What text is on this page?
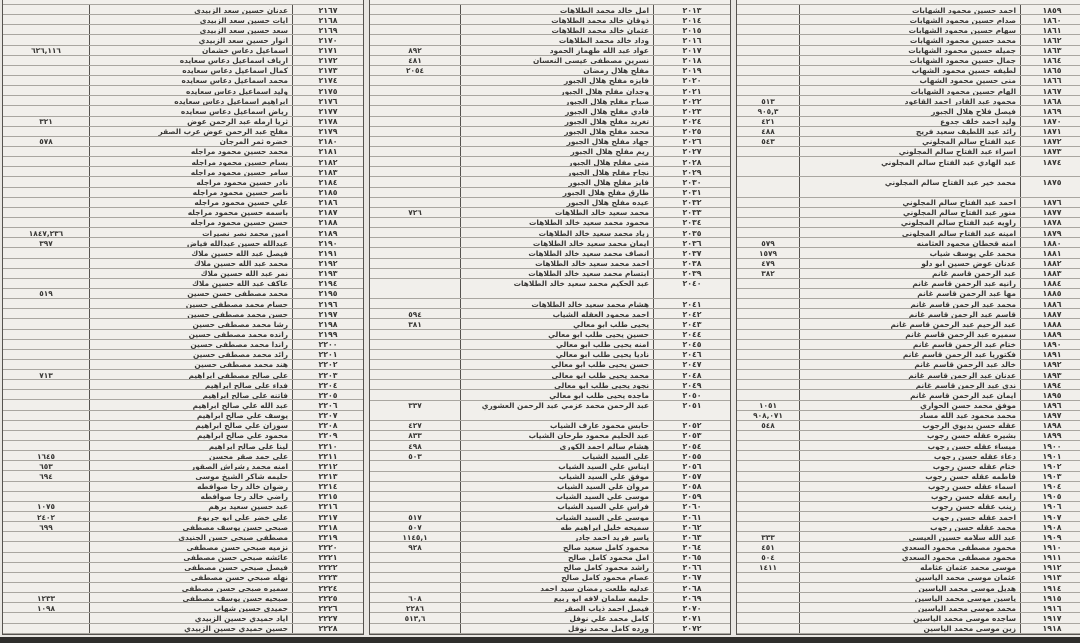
عدنان حسين سعد الزبيدي	٢١٦٧
ايات حسين سعد الزبيدي	٢١٦٨
سعد حسين سعد الزبيدي	٢١٦٩
انوار حسين سعد الزبيدي	٢١٧٠
٦٢٦,١١٦	اسماعيل دعاس خشمان	٢١٧١
ارياف اسماعيل دعاس سعايده	٢١٧٢
كمال اسماعيل دعاس سعايده	٢١٧٣
محمد اسماعيل دعاس سعايده	٢١٧٤
وليد اسماعيل دعاس سعايده	٢١٧٥
ابراهيم اسماعيل دعاس سعايده	٢١٧٦
رياض اسماعيل دعاس سعايده	٢١٧٧
٣٢١	ثريا ارمله عبد الرحمن عوض	٢١٧٨
مفلح عبد الرحمن عوض عرب الصقر	٢١٧٩
٥٧٨	خضره ثمر المرجان	٢١٨٠
محمد حسين محمود مراجله	٢١٨١
بسام حسين محمود مراجله	٢١٨٢
سامر حسين محمود مراجله	٢١٨٣
نادر حسين محمود مراجله	٢١٨٤
ناصر حسين محمود مراجله	٢١٨٥
علي حسين محمود مراجله	٢١٨٦
باسمه حسين محمود مراجله	٢١٨٧
حسن حسين محمود مراجله	٢١٨٨
١٨٤٧,٢٣٦	امين محمد نصر نصيرات	٢١٨٩
٣٩٧	عبدالله حسين عبدالله فياض	٢١٩٠
فيصل عبد الله حسين ملاك	٢١٩١
محمد عبد الله حسين ملاك	٢١٩٢
نمر عبد الله حسين ملاك	٢١٩٣
عاكف عبد الله حسين ملاك	٢١٩٤
٥١٩	محمد مصطفى حسن حسين	٢١٩٥
حسام محمد مصطفى حسين	٢١٩٦
حسن محمد مصطفى حسين	٢١٩٧
رشا محمد مصطفى حسين	٢١٩٨
رانده محمد مصطفى حسين	٢١٩٩
راندا محمد مصطفى حسين	٢٢٠٠
رائد محمد مصطفى حسين	٢٢٠١
هند محمد مصطفى حسين	٢٢٠٢
٧١٣	علي صالح مصطفى ابراهيم	٢٢٠٣
فداء علي صالح ابراهيم	٢٢٠٤
فاتنه علي صالح ابراهيم	٢٢٠٥
عبد الله علي صالح ابراهيم	٢٢٠٦
يوسف علي صالح ابراهيم	٢٢٠٧
سوزان علي صالح ابراهيم	٢٢٠٨
محمود علي صالح ابراهيم	٢٢٠٩
لينا علي صالح ابراهيم	٢٢١٠
١٦٤٥	علي حمد صقر محسن	٢٢١١
٦٥٣	امنه محمد رشراش الصقور	٢٢١٢
٦٩٤	حليمه شاكر الشيخ موسى	٢٢١٣
رضوان خالد رجا صوافطه	٢٢١٤
راضي خالد رجا صوافطه	٢٢١٥
١٠٧٥	عبد حسين سعيد برهم	٢٢١٦
٢٤٠٢	علي خضر علي ابو جربوع	٢٢١٧
٦٩٩	صبحي حسن يوسف مصطفى	٢٢١٨
مصطفى صبحي حسن الجنيدي	٢٢١٩
نزميه صبحي حسن مصطفى	٢٢٢٠
عائشه صبحي حسن مصطفى	٢٢٢١
فيصل صبحي حسن مصطفى	٢٢٢٢
نهله صبحي حسن مصطفى	٢٢٢٣
سميره صبحي حسن مصطفى	٢٢٢٤
١٢٣٣	صبحيه حسن يوسف مصطفى	٢٢٢٥
١٠٩٨	حميدي حسين شهاب	٢٢٢٦
اياد حميدي حسين الزبيدي	٢٢٢٧
حسين حميدي حسين الزبيدي	٢٢٢٨
امل خالد محمد الطلاهات	٢٠١٣
ذوقان خالد محمد الطلاهات	٢٠١٤
عثمان خالد محمد الطلاهات	٢٠١٥
وداد خالد محمد الطلاهات	٢٠١٦
٨٩٢	عواد عبد الله طهماز الحمود	٢٠١٧
٤٨١	نسرين مصطفى عيسى النعسان	٢٠١٨
٢٠٥٤	مفلح هلال رمضان	٢٠١٩
فايزه مفلح هلال الجبور	٢٠٢٠
وجدان مفلح هلال الجبور	٢٠٢١
صباح مفلح هلال الجبور	٢٠٢٢
فادي مفلح هلال الجبور	٢٠٢٣
تغريد مفلح هلال الجبور	٢٠٢٤
محمد مفلح هلال الجبور	٢٠٢٥
جهاد مفلح هلال الجبور	٢٠٢٦
ريم مفلح هلال الجبور	٢٠٢٧
منى مفلح هلال الجبور	٢٠٢٨
نجاح مفلح هلال الجبور	٢٠٢٩
فايز مفلح هلال الجبور	٢٠٣٠
طارق مفلح هلال الجبور	٢٠٣١
عيده مفلح هلال الجبور	٢٠٣٢
٧٢٦	محمد سعيد خالد الطلاهات	٢٠٣٣
محمود محمد سعيد خالد الطلاهات	٢٠٣٤
زياد محمد سعيد خالد الطلاهات	٢٠٣٥
ايمان محمد سعيد خالد الطلاهات	٢٠٣٦
انصاف محمد سعيد خالد الطلاهات	٢٠٣٧
احمد محمد سعيد خالد الطلاهات	٢٠٣٨
ابتسام محمد سعيد خالد الطلاهات	٢٠٣٩
عبد الحكيم محمد سعيد خالد الطلاهات	٢٠٤٠
هشام محمد سعيد خالد الطلاهات	٢٠٤١
٥٩٤	احمد محمود العقله الشياب	٢٠٤٢
٣٨١	يحيى طلب ابو معالي	٢٠٤٣
حسين يحيى طلب ابو معالي	٢٠٤٤
امنه يحيى طلب ابو معالي	٢٠٤٥
ناديا يحيى طلب ابو معالي	٢٠٤٦
حسن يحيى طلب ابو معالي	٢٠٤٧
محمد يحيى طلب ابو معالي	٢٠٤٨
نجود يحيى طلب ابو معالي	٢٠٤٩
ماجده يحيى طلب ابو معالي	٢٠٥٠
٣٣٧	عبد الرحمن محمد عزمي عبد الرحمن العشوري	٢٠٥١
٤٢٧	حابس محمود عارف الشياب	٢٠٥٢
٨٣٣	عبد الحليم محمود طرحان الشياب	٢٠٥٣
٤٩٨	هشام سالم احمد الكوري	٢٠٥٤
٥٠٣	علي السيد الشياب	٢٠٥٥
ايناس علي السيد الشياب	٢٠٥٦
موفق علي السيد الشياب	٢٠٥٧
مروان علي السيد الشياب	٢٠٥٨
موسى علي السيد الشياب	٢٠٥٩
فراس علي السيد الشياب	٢٠٦٠
٥١٧	موسى علي السيد الشياب	٢٠٦١
٥٠٧	سميحه خليل ابراهيم طه	٢٠٦٢
١١٤٥,١	ياسر فريد احمد جادر	٢٠٦٣
٩٢٨	محمود كامل سعيد صالح	٢٠٦٤
امل محمود كامل صالح	٢٠٦٥
راشد محمود كامل صالح	٢٠٦٦
عصام محمود كامل صالح	٢٠٦٧
عدليه طلعت رمضان سيد احمد	٢٠٦٨
٦٠٨	حليمه سلمان لافه ابو ربيع	٢٠٦٩
٢٢٨٦	فيصل احمد ذياب الصقر	٢٠٧٠
٥١٣,٦	كامل محمد علي نوفل	٢٠٧١
ورده كامل محمد نوفل	٢٠٧٢
احمد حسين محمود الشهابات	١٨٥٩
صدام حسين محمود الشهابات	١٨٦٠
سهام حسين محمود الشهابات	١٨٦١
محمد حسين محمود الشهابات	١٨٦٢
جميله حسين محمود الشهابات	١٨٦٣
جمال حسين محمود الشهابات	١٨٦٤
لطيفه حسين محمود الشهاب	١٨٦٥
منى حسين محمود الشهاب	١٨٦٦
الهام حسين محمود الشهابات	١٨٦٧
٥١٣	محمود عبد القادر احمد القاعود	١٨٦٨
٩٠٥,٣	فيصل فلاح هلال الجبور	١٨٦٩
٤٢١	وليد احمد خلف جدوع	١٨٧٠
٤٨٨	رائد عبد اللطيف سعيد فريج	١٨٧١
٥٤٣	عبد الفتاح سالم المجلوني	١٨٧٢
اسراء عبد الفتاح سالم المجلوني	١٨٧٣
عبد الهادي عبد الفتاح سالم المجلوني	١٨٧٤
محمد خير عبد الفتاح سالم المجلوني	١٨٧٥
احمد عبد الفتاح سالم المجلوني	١٨٧٦
منور عبد الفتاح سالم المجلوني	١٨٧٧
راويه عبد الفتاح سالم المجلوني	١٨٧٨
امينه عبد الفتاح سالم المجلوني	١٨٧٩
٥٧٩	امنه قحطان محمود العثامنه	١٨٨٠
١٥٧٩	محمد علي يوسف شياب	١٨٨١
٤٧٩	عدنان عوض حسين ابو دلو	١٨٨٢
٣٨٢	عبد الرحمن قاسم غانم	١٨٨٣
رانيه عبد الرحمن قاسم غانم	١٨٨٤
مها عبد الرحمن قاسم غانم	١٨٨٥
محمد عبد الرحمن قاسم غانم	١٨٨٦
قاسم عبد الرحمن قاسم غانم	١٨٨٧
عبد الرحيم عبد الرحمن قاسم غانم	١٨٨٨
سميره عبد الرحمن قاسم غانم	١٨٨٩
ختام عبد الرحمن قاسم غانم	١٨٩٠
فكتوريا عبد الرحمن قاسم غانم	١٨٩١
خالد عبد الرحمن قاسم غانم	١٨٩٢
عدنان عبد الرحمن قاسم غانم	١٨٩٣
ندى عبد الرحمن قاسم غانم	١٨٩٤
ايمان عبد الرحمن قاسم غانم	١٨٩٥
١٠٥١	موفق محمد حسن الحواري	١٨٩٦
٩٠٨,٠٧١	محمد محمود عبد الله مساد	١٨٩٧
٥٤٨	عقله حسن بديوي الرجوب	١٨٩٨
بشيره عقله حسن رجوب	١٨٩٩
ميساء عقله حسن رجوب	١٩٠٠
دعاء عقله حسن رجوب	١٩٠١
ختام عقله حسن رجوب	١٩٠٢
فاطمه عقله حسن رجوب	١٩٠٣
اسماء عقله حسن رجوب	١٩٠٤
رابعه عقله حسن رجوب	١٩٠٥
زينب عقله حسن رجوب	١٩٠٦
احمد عقله حسن رجوب	١٩٠٧
محمد عقله حسن رجوب	١٩٠٨
٣٣٣	عبد الله سلامه حسين العيسى	١٩٠٩
٤٥١	محمود مصطفى محمود السعدي	١٩١٠
٥٠٤	محمود مصطفى محمود السعدي	١٩١١
١٤١١	موسى محمد عثمان عثامله	١٩١٢
عثمان موسى محمد الياسين	١٩١٣
هديل موسى محمد الياسين	١٩١٤
ياسين موسى محمد الياسين	١٩١٥
محمد موسى محمد الياسين	١٩١٦
ساجده موسى محمد الياسين	١٩١٧
زين موسى محمد الياسين	١٩١٨
